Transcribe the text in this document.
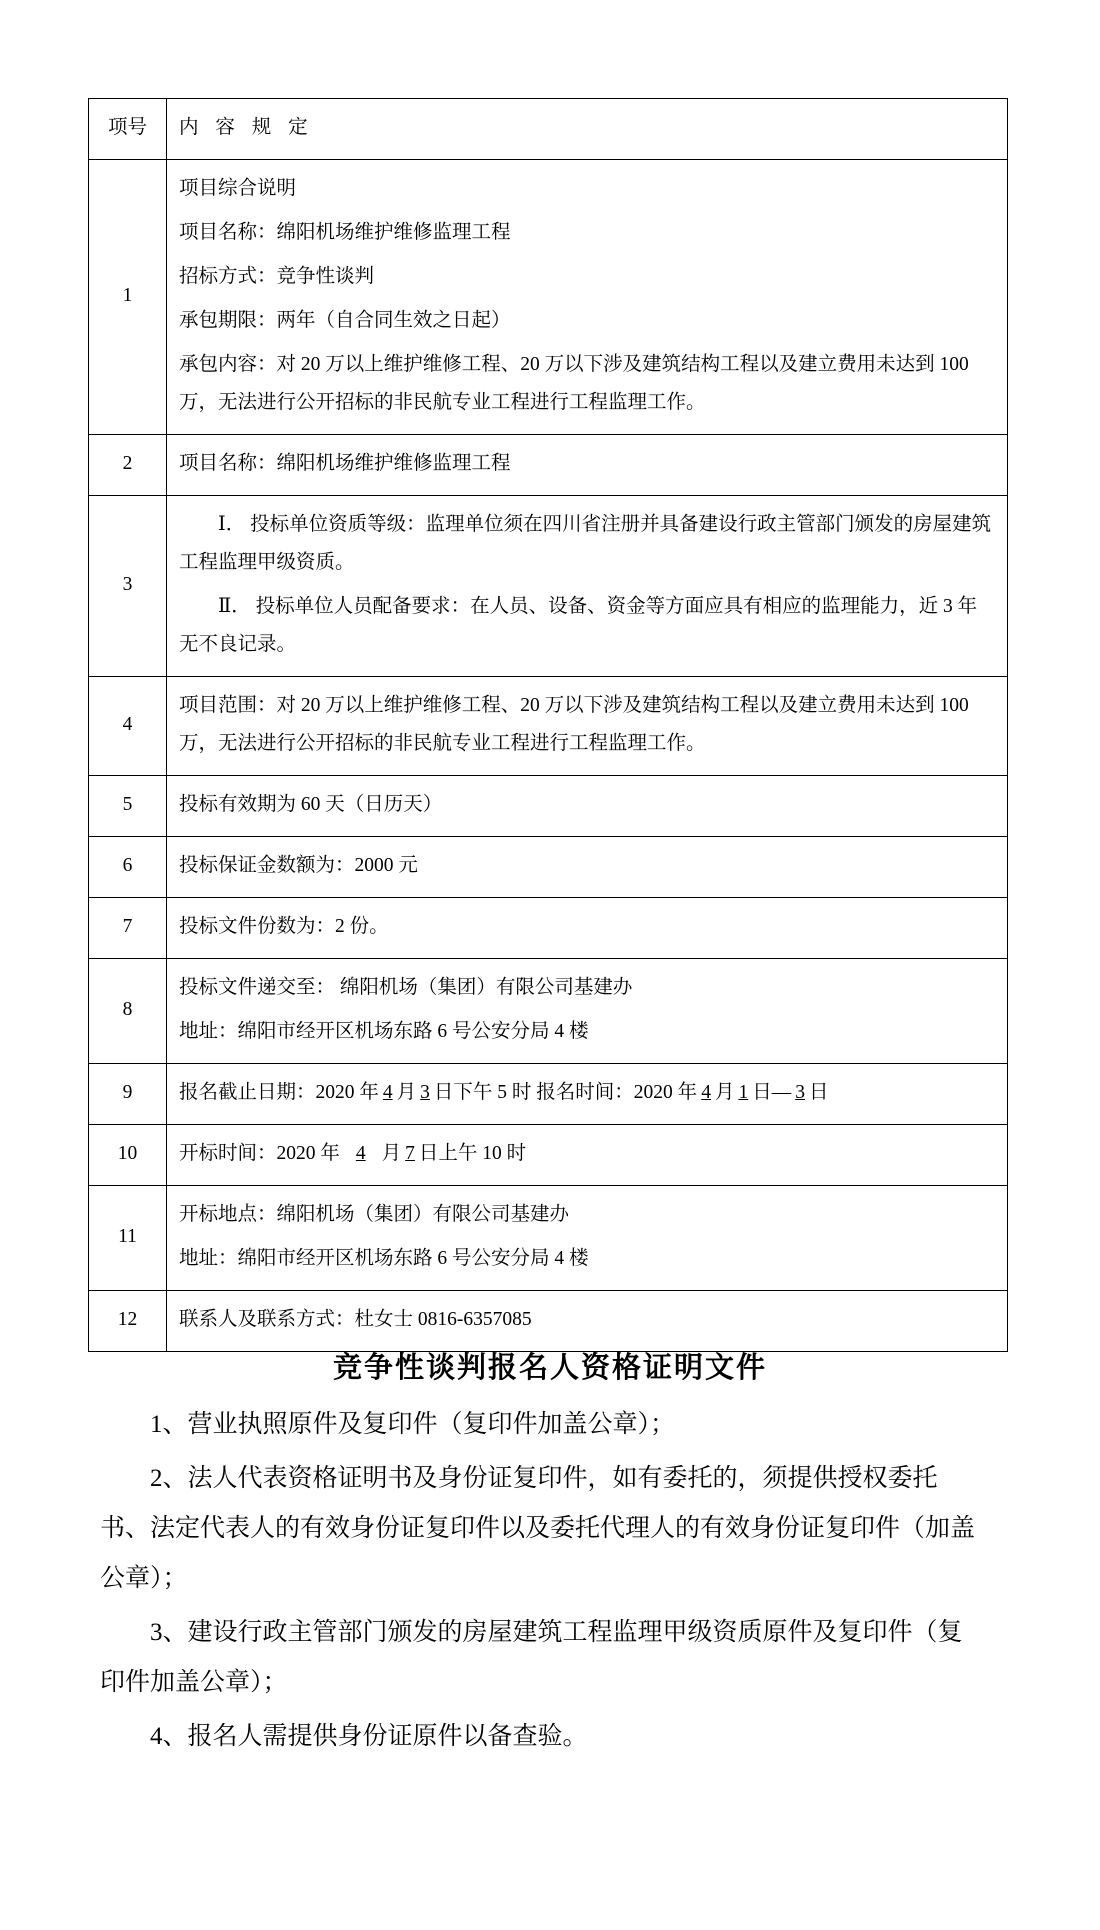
项号	内 容 规 定
1	项目综合说明

项目名称：绵阳机场维护维修监理工程

招标方式：竞争性谈判

承包期限：两年（自合同生效之日起）

承包内容：对 20 万以上维护维修工程、20 万以下涉及建筑结构工程以及建立费用未达到 100 万，无法进行公开招标的非民航专业工程进行工程监理工作。

2	项目名称：绵阳机场维护维修监理工程

3	Ⅰ． 投标单位资质等级：监理单位须在四川省注册并具备建设行政主管部门颁发的房屋建筑工程监理甲级资质。

Ⅱ． 投标单位人员配备要求：在人员、设备、资金等方面应具有相应的监理能力，近 3 年无不良记录。

4	项目范围：对 20 万以上维护维修工程、20 万以下涉及建筑结构工程以及建立费用未达到 100 万，无法进行公开招标的非民航专业工程进行工程监理工作。

5	投标有效期为 60 天（日历天）

6	投标保证金数额为：2000 元

7	投标文件份数为：2 份。

8	投标文件递交至： 绵阳机场（集团）有限公司基建办

地址：绵阳市经开区机场东路 6 号公安分局 4 楼

9	报名截止日期：2020 年 4 月 3 日下午 5 时 报名时间：2020 年 4 月 1 日— 3 日

10	开标时间：2020 年 4 月 7 日上午 10 时

11	开标地点：绵阳机场（集团）有限公司基建办

地址：绵阳市经开区机场东路 6 号公安分局 4 楼

12	联系人及联系方式：杜女士 0816-6357085

竞争性谈判报名人资格证明文件

1、营业执照原件及复印件（复印件加盖公章）；

2、法人代表资格证明书及身份证复印件，如有委托的，须提供授权委托书、法定代表人的有效身份证复印件以及委托代理人的有效身份证复印件（加盖公章）；

3、建设行政主管部门颁发的房屋建筑工程监理甲级资质原件及复印件（复印件加盖公章）；

4、报名人需提供身份证原件以备查验。
